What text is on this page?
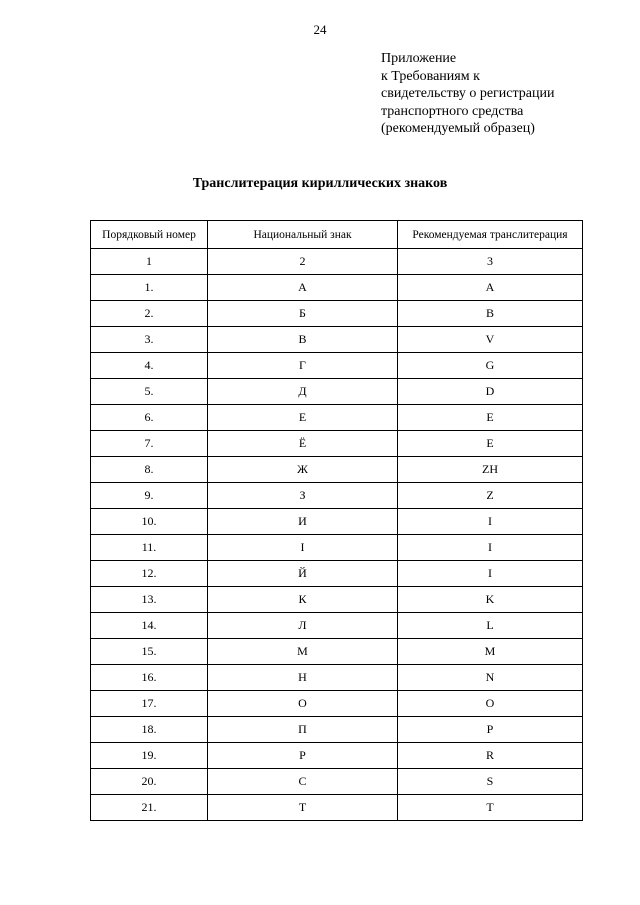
24
Приложение
к Требованиям к
свидетельству о регистрации
транспортного средства
(рекомендуемый образец)
Транслитерация кириллических знаков
Порядковый номер	Национальный знак	Рекомендуемая транслитерация
1	2	3
1.	А	A
2.	Б	B
3.	В	V
4.	Г	G
5.	Д	D
6.	Е	E
7.	Ё	E
8.	Ж	ZH
9.	З	Z
10.	И	I
11.	I	I
12.	Й	I
13.	К	K
14.	Л	L
15.	М	M
16.	Н	N
17.	О	O
18.	П	P
19.	Р	R
20.	С	S
21.	Т	T
